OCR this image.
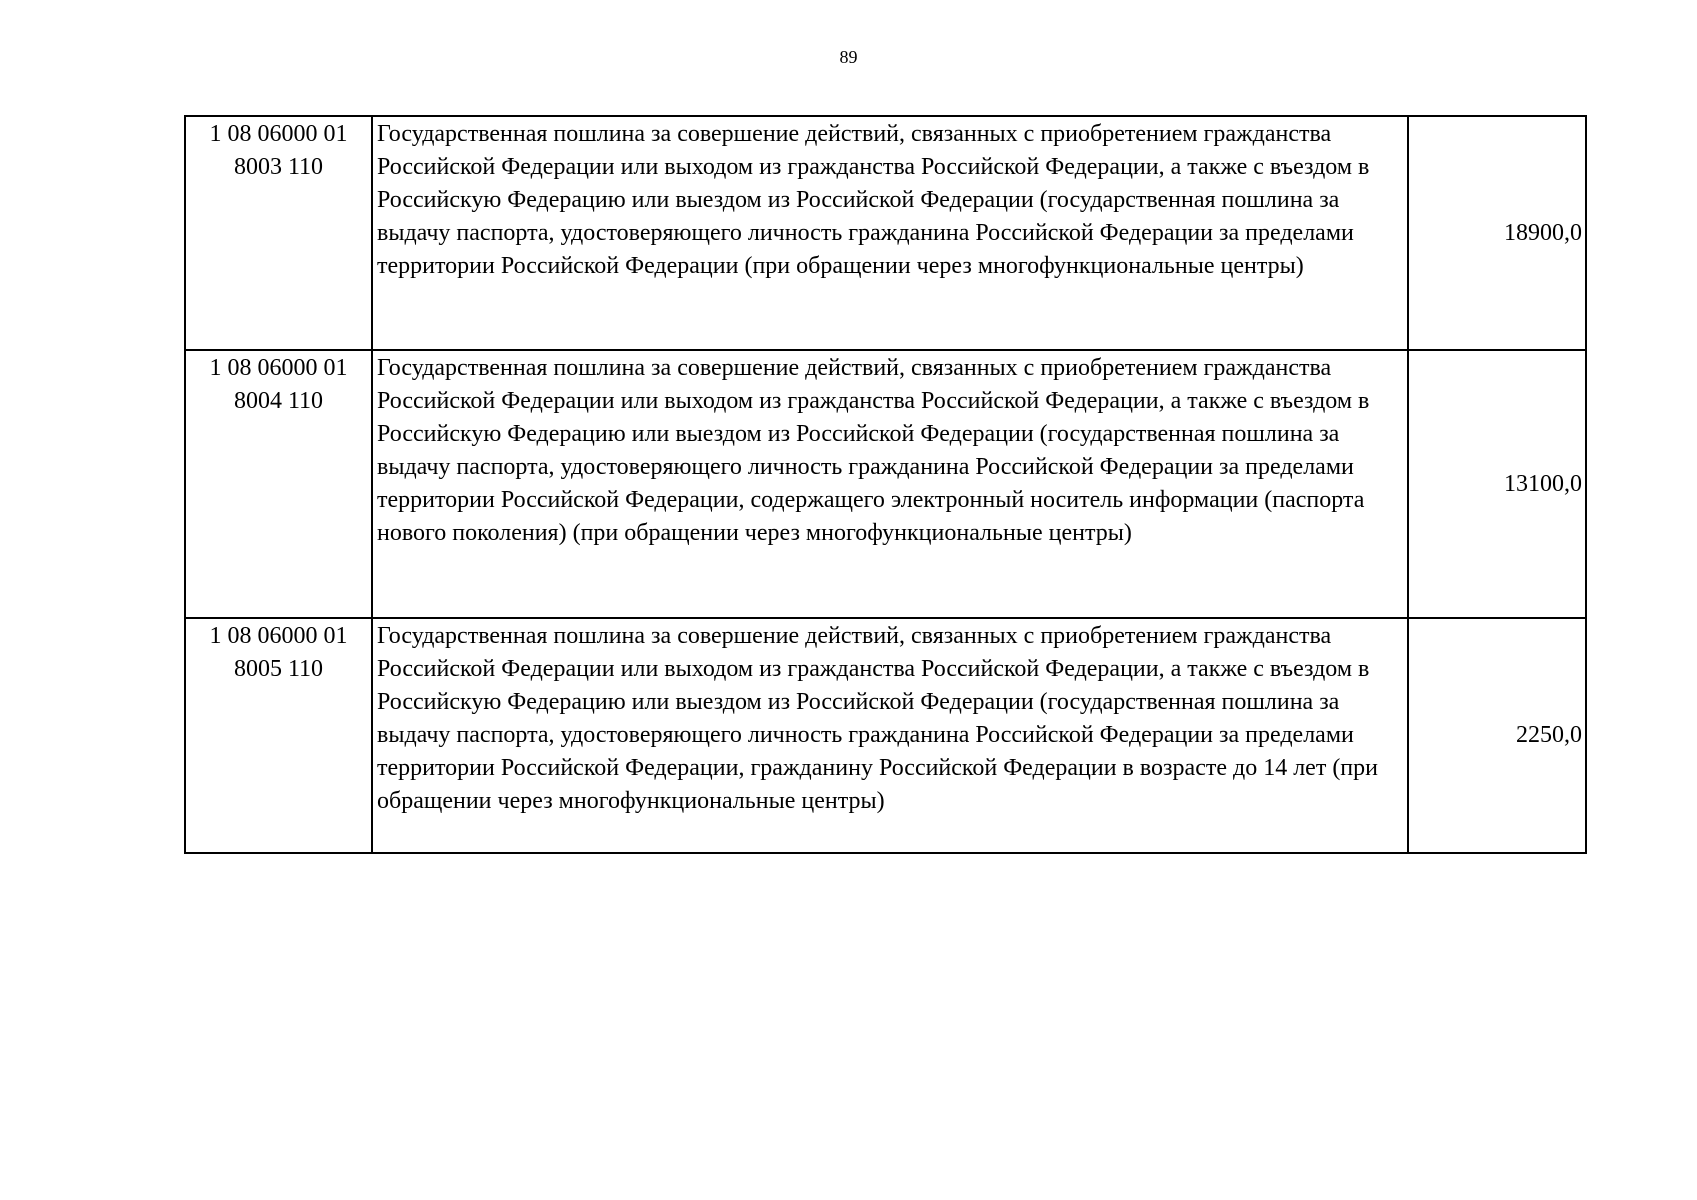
89
1 08 06000 01
8003 110	Государственная пошлина за совершение действий, связанных с приобретением гражданства Российской Федерации или выходом из гражданства Российской Федерации, а также с въездом в Российскую Федерацию или выездом из Российской Федерации (государственная пошлина за выдачу паспорта, удостоверяющего личность гражданина Российской Федерации за пределами территории Российской Федерации (при обращении через многофункциональные центры)	18900,0

1 08 06000 01
8004 110	Государственная пошлина за совершение действий, связанных с приобретением гражданства Российской Федерации или выходом из гражданства Российской Федерации, а также с въездом в Российскую Федерацию или выездом из Российской Федерации (государственная пошлина за выдачу паспорта, удостоверяющего личность гражданина Российской Федерации за пределами территории Российской Федерации, содержащего электронный носитель информации (паспорта нового поколения) (при обращении через многофункциональные центры)	13100,0

1 08 06000 01
8005 110	Государственная пошлина за совершение действий, связанных с приобретением гражданства Российской Федерации или выходом из гражданства Российской Федерации, а также с въездом в Российскую Федерацию или выездом из Российской Федерации (государственная пошлина за выдачу паспорта, удостоверяющего личность гражданина Российской Федерации за пределами территории Российской Федерации, гражданину Российской Федерации в возрасте до 14 лет (при обращении через многофункциональные центры)	2250,0
